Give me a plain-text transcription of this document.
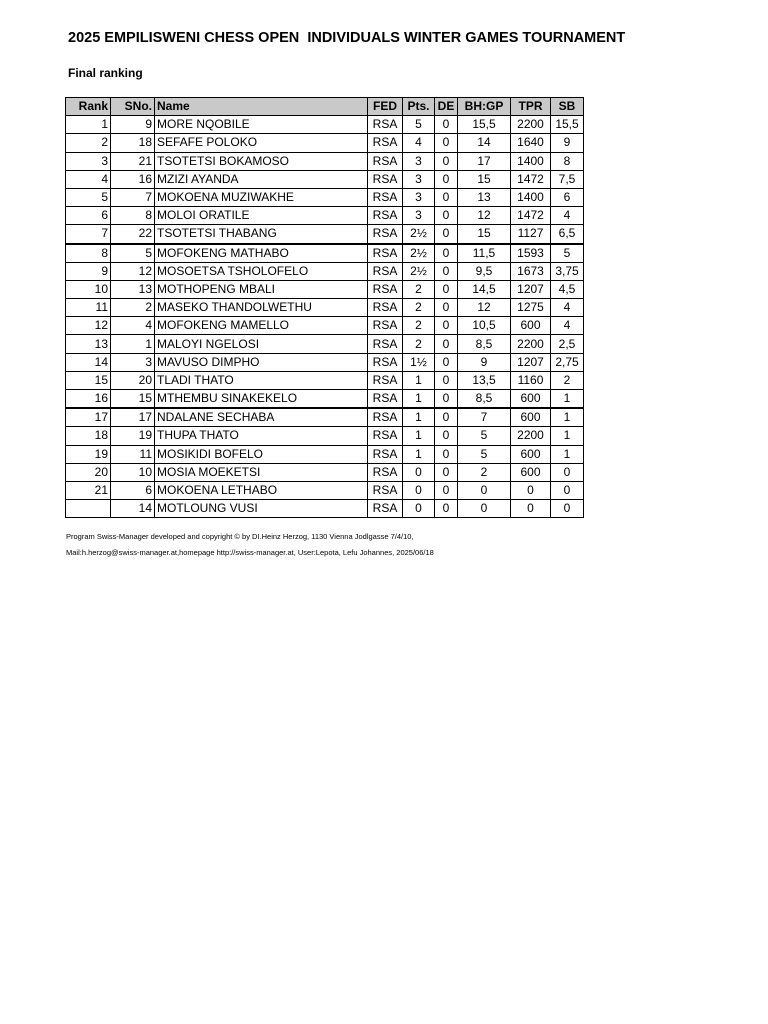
2025 EMPILISWENI CHESS OPEN  INDIVIDUALS WINTER GAMES TOURNAMENT
Final ranking
Rank	SNo.	Name	FED	Pts.	DE	BH:GP	TPR	SB
1	9	MORE NQOBILE	RSA	5	0	15,5	2200	15,5
2	18	SEFAFE POLOKO	RSA	4	0	14	1640	9
3	21	TSOTETSI BOKAMOSO	RSA	3	0	17	1400	8
4	16	MZIZI AYANDA	RSA	3	0	15	1472	7,5
5	7	MOKOENA MUZIWAKHE	RSA	3	0	13	1400	6
6	8	MOLOI ORATILE	RSA	3	0	12	1472	4
7	22	TSOTETSI THABANG	RSA	2½	0	15	1127	6,5
8	5	MOFOKENG MATHABO	RSA	2½	0	11,5	1593	5
9	12	MOSOETSA TSHOLOFELO	RSA	2½	0	9,5	1673	3,75
10	13	MOTHOPENG MBALI	RSA	2	0	14,5	1207	4,5
11	2	MASEKO THANDOLWETHU	RSA	2	0	12	1275	4
12	4	MOFOKENG MAMELLO	RSA	2	0	10,5	600	4
13	1	MALOYI NGELOSI	RSA	2	0	8,5	2200	2,5
14	3	MAVUSO DIMPHO	RSA	1½	0	9	1207	2,75
15	20	TLADI THATO	RSA	1	0	13,5	1160	2
16	15	MTHEMBU SINAKEKELO	RSA	1	0	8,5	600	1
17	17	NDALANE SECHABA	RSA	1	0	7	600	1
18	19	THUPA THATO	RSA	1	0	5	2200	1
19	11	MOSIKIDI BOFELO	RSA	1	0	5	600	1
20	10	MOSIA MOEKETSI	RSA	0	0	2	600	0
21	6	MOKOENA LETHABO	RSA	0	0	0	0	0
	14	MOTLOUNG VUSI	RSA	0	0	0	0	0
Program Swiss-Manager developed and copyright © by DI.Heinz Herzog, 1130 Vienna Jodlgasse 7/4/10,
Mail:h.herzog@swiss-manager.at,homepage http://swiss-manager.at, User:Lepota, Lefu Johannes, 2025/06/18
